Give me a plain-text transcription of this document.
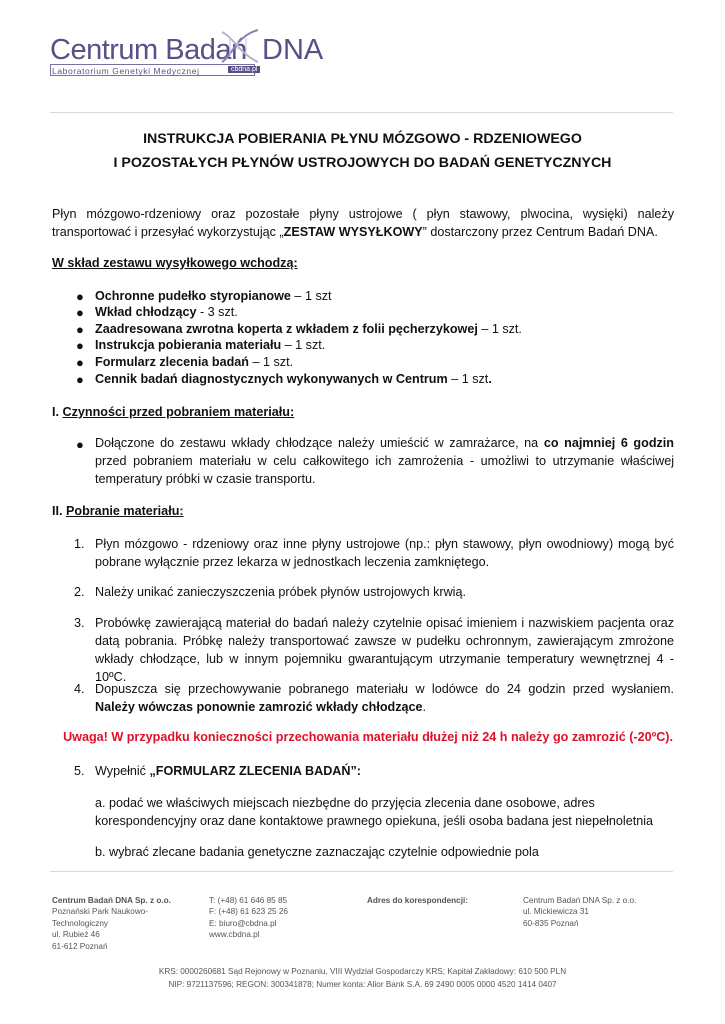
Centrum Badań DNA
Laboratorium Genetyki Medycznej	cbdna.pl
INSTRUKCJA POBIERANIA PŁYNU MÓZGOWO - RDZENIOWEGO
I POZOSTAŁYCH PŁYNÓW USTROJOWYCH DO BADAŃ GENETYCZNYCH
Płyn mózgowo-rdzeniowy oraz pozostałe płyny ustrojowe ( płyn stawowy, plwocina, wysięki) należy transportować i przesyłać wykorzystując „ZESTAW WYSYŁKOWY” dostarczony przez Centrum Badań DNA.
W skład zestawu wysyłkowego wchodzą:
● Ochronne pudełko styropianowe – 1 szt
● Wkład chłodzący - 3 szt.
● Zaadresowana zwrotna koperta z wkładem z folii pęcherzykowej – 1 szt.
● Instrukcja pobierania materiału – 1 szt.
● Formularz zlecenia badań – 1 szt.
● Cennik badań diagnostycznych wykonywanych w Centrum – 1 szt.
I. Czynności przed pobraniem materiału:
● Dołączone do zestawu wkłady chłodzące należy umieścić w zamrażarce, na co najmniej 6 godzin przed pobraniem materiału w celu całkowitego ich zamrożenia - umożliwi to utrzymanie właściwej temperatury próbki w czasie transportu.
II. Pobranie materiału:
1. Płyn mózgowo - rdzeniowy oraz inne płyny ustrojowe (np.: płyn stawowy, płyn owodniowy) mogą być pobrane wyłącznie przez lekarza w jednostkach leczenia zamkniętego.
2. Należy unikać zanieczyszczenia próbek płynów ustrojowych krwią.
3. Probówkę zawierającą materiał do badań należy czytelnie opisać imieniem i nazwiskiem pacjenta oraz datą pobrania. Próbkę należy transportować zawsze w pudełku ochronnym, zawierającym zmrożone wkłady chłodzące, lub w innym pojemniku gwarantującym utrzymanie temperatury wewnętrznej 4 - 10ºC.
4. Dopuszcza się przechowywanie pobranego materiału w lodówce do 24 godzin przed wysłaniem. Należy wówczas ponownie zamrozić wkłady chłodzące.
Uwaga! W przypadku konieczności przechowania materiału dłużej niż 24 h należy go zamrozić (-20ºC).
5. Wypełnić „FORMULARZ ZLECENIA BADAŃ”:
a. podać we właściwych miejscach niezbędne do przyjęcia zlecenia dane osobowe, adres korespondencyjny oraz dane kontaktowe prawnego opiekuna, jeśli osoba badana jest niepełnoletnia
b. wybrać zlecane badania genetyczne zaznaczając czytelnie odpowiednie pola
Centrum Badań DNA Sp. z o.o.
Poznański Park Naukowo-
Technologiczny
ul. Rubież 46
61-612 Poznań
T: (+48) 61 646 85 85
F: (+48) 61 623 25 26
E: biuro@cbdna.pl
www.cbdna.pl
Adres do korespondencji:	Centrum Badań DNA Sp. z o.o.
ul. Mickiewicza 31
60-835 Poznań
KRS: 0000260681 Sąd Rejonowy w Poznaniu, VIII Wydział Gospodarczy KRS; Kapitał Zakładowy: 610 500 PLN
NIP: 9721137596; REGON: 300341878; Numer konta: Alior Bank S.A. 69 2490 0005 0000 4520 1414 0407
